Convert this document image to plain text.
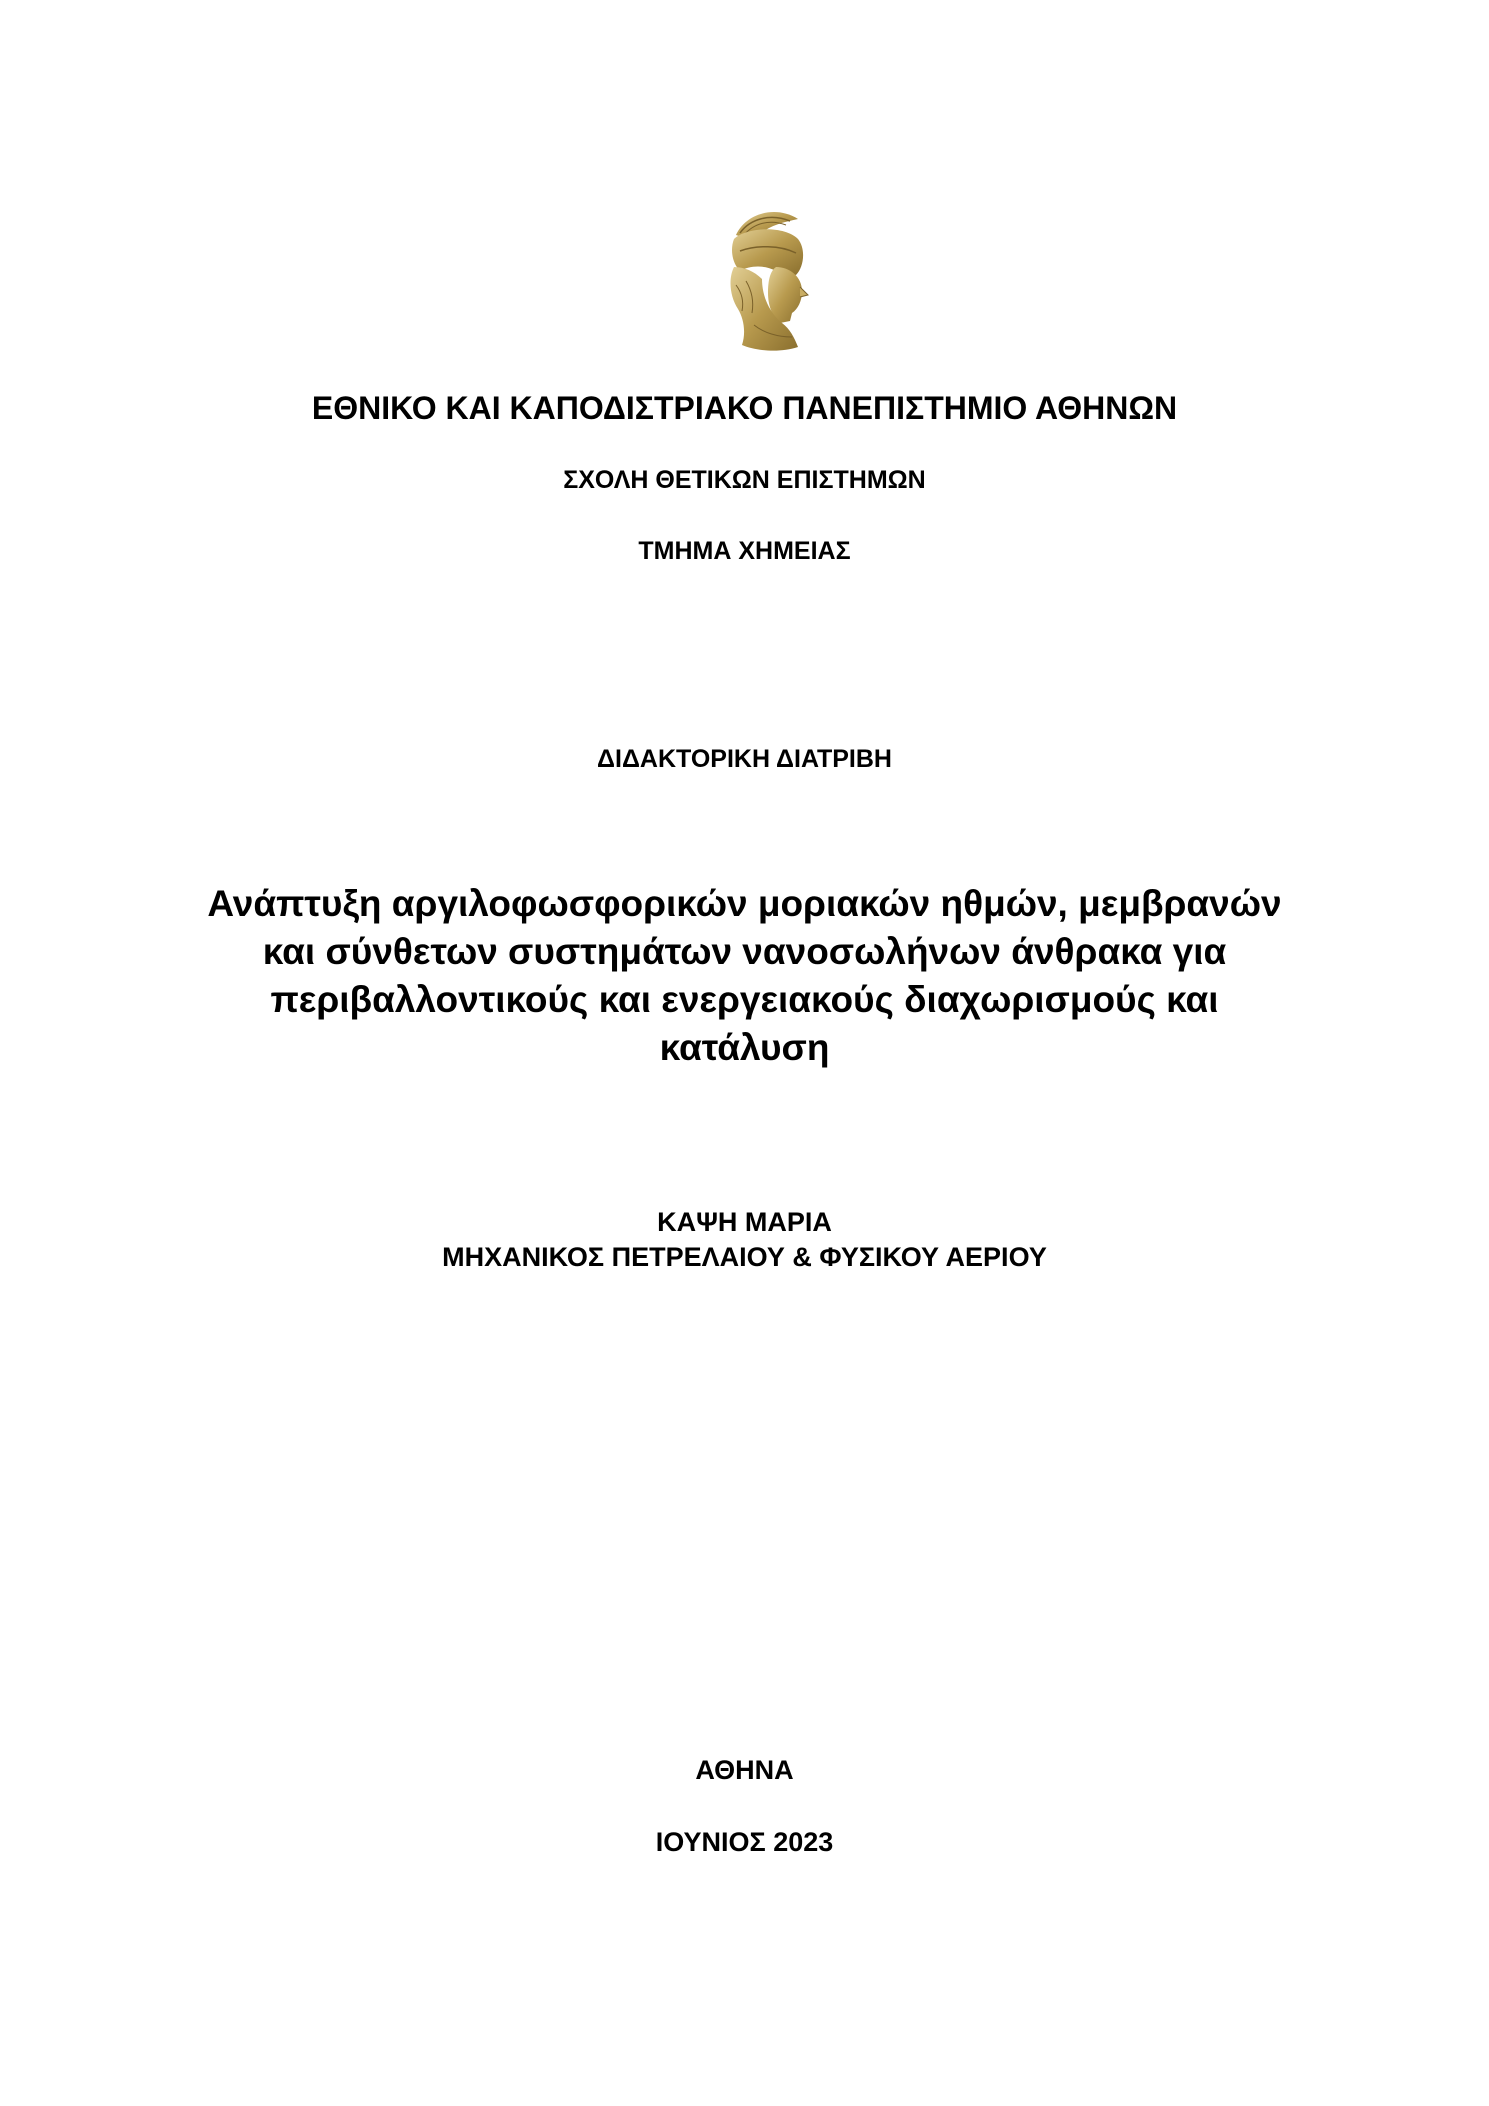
ΕΘΝΙΚΟ ΚΑΙ ΚΑΠΟΔΙΣΤΡΙΑΚΟ ΠΑΝΕΠΙΣΤΗΜΙΟ ΑΘΗΝΩΝ

ΣΧΟΛΗ ΘΕΤΙΚΩΝ ΕΠΙΣΤΗΜΩΝ

ΤΜΗΜΑ ΧΗΜΕΙΑΣ

ΔΙΔΑΚΤΟΡΙΚΗ ΔΙΑΤΡΙΒΗ

Ανάπτυξη αργιλοφωσφορικών μοριακών ηθμών, μεμβρανών
και σύνθετων συστημάτων νανοσωλήνων άνθρακα για
περιβαλλοντικούς και ενεργειακούς διαχωρισμούς και
κατάλυση
ΚΑΨΗ ΜΑΡΙΑ
ΜΗΧΑΝΙΚΟΣ ΠΕΤΡΕΛΑΙΟΥ & ΦΥΣΙΚΟΥ ΑΕΡΙΟΥ

ΑΘΗΝΑ

ΙΟΥΝΙΟΣ 2023
